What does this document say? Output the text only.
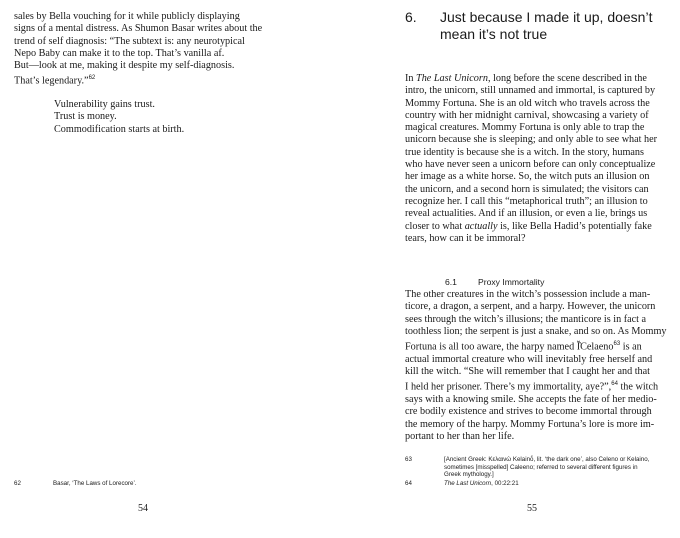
sales by Bella vouching for it while publicly displaying
signs of a mental distress. As Shumon Basar writes about the
trend of self diagnosis: “The subtext is: any neurotypical
Nepo Baby can make it to the top. That’s vanilla af.
But—look at me, making it despite my self-diagnosis.
That’s legendary.”$^{62}$
Vulnerability gains trust.
Trust is money.
Commodification starts at birth.
62	Basar, ‘The Laws of Lorecore’.
54
6. Just because I made it up, doesn’t mean it’s not true
In The Last Unicorn, long before the scene described in the
intro, the unicorn, still unnamed and immortal, is captured by
Mommy Fortuna. She is an old witch who travels across the
country with her midnight carnival, showcasing a variety of
magical creatures. Mommy Fortuna is only able to trap the
unicorn because she is sleeping; and only able to see what her
true identity is because she is a witch. In the story, humans
who have never seen a unicorn before can only conceptualize
her image as a white horse. So, the witch puts an illusion on
the unicorn, and a second horn is simulated; the visitors can
recognize her. I call this “metaphorical truth”; an illusion to
reveal actualities. And if an illusion, or even a lie, brings us
closer to what actually is, like Bella Hadid’s potentially fake
tears, how can it be immoral?
6.1 Proxy Immortality
The other creatures in the witch’s possession include a man-
ticore, a dragon, a serpent, and a harpy. However, the unicorn
sees through the witch’s illusions; the manticore is in fact a
toothless lion; the serpent is just a snake, and so on. As Mommy
Fortuna is all too aware, the harpy named Ĭ̓Celaeno$^{63}$ is an
actual immortal creature who will inevitably free herself and
kill the witch. “She will remember that I caught her and that
I held her prisoner. There’s my immortality, aye?”,$^{64}$ the witch
says with a knowing smile. She accepts the fate of her medio-
cre bodily existence and strives to become immortal through
the memory of the harpy. Mommy Fortuna’s lore is more im-
portant to her than her life.
63	[Ancient Greek: Κελαινώ Kelainṓ, lit. ‘the dark one’, also Celeno or Kelaino,
sometimes [misspelled] Caleeno; referred to several different figures in
Greek mythology.]
64	The Last Unicorn, 00:22:21
55
